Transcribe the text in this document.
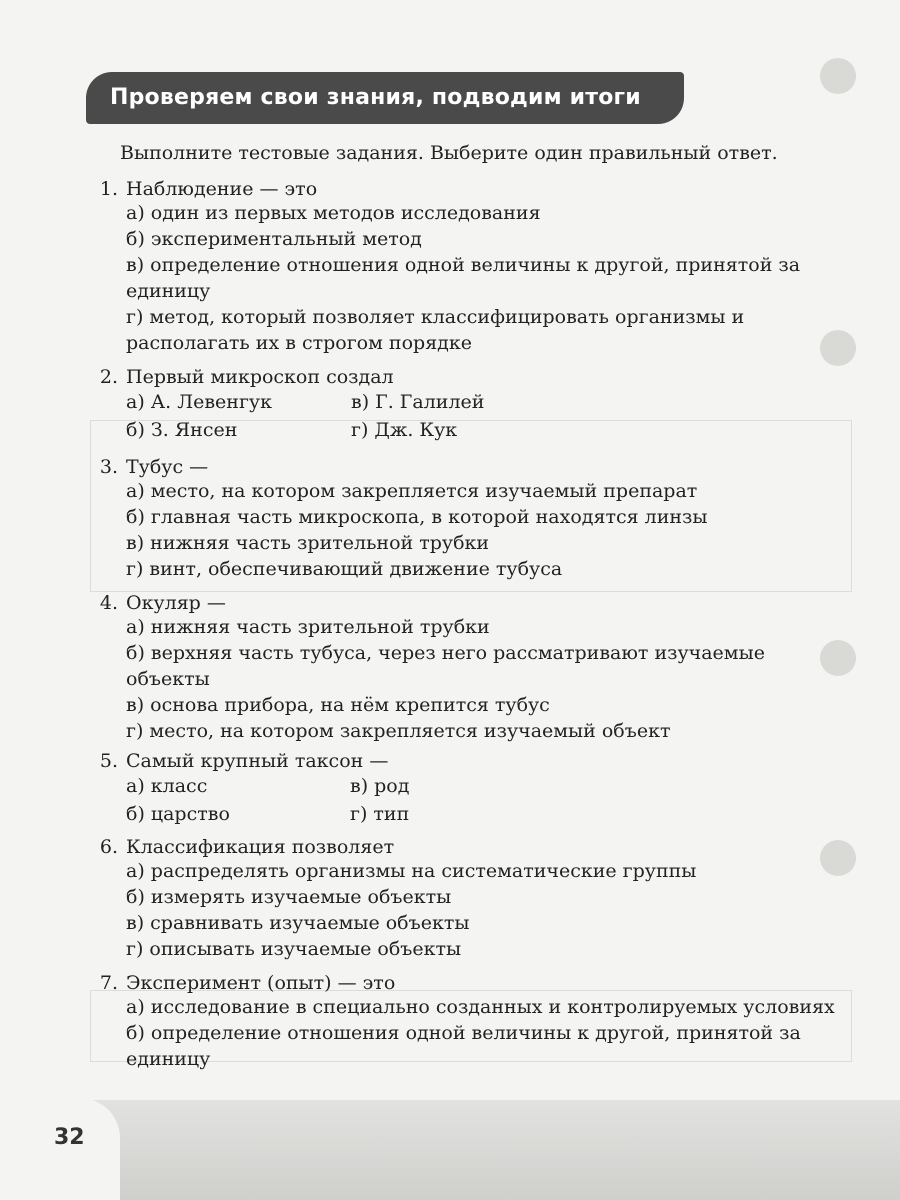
Проверяем свои знания, подводим итоги
Выполните тестовые задания. Выберите один правильный ответ.
1. Наблюдение — это
а) один из первых методов исследования
б) экспериментальный метод
в) определение отношения одной величины к другой, принятой за единицу
г) метод, который позволяет классифицировать организмы и располагать их в строгом порядке
2. Первый микроскоп создал
а) А. Левенгук	в) Г. Галилей
б) З. Янсен	г) Дж. Кук
3. Тубус —
а) место, на котором закрепляется изучаемый препарат
б) главная часть микроскопа, в которой находятся линзы
в) нижняя часть зрительной трубки
г) винт, обеспечивающий движение тубуса
4. Окуляр —
а) нижняя часть зрительной трубки
б) верхняя часть тубуса, через него рассматривают изучаемые объекты
в) основа прибора, на нём крепится тубус
г) место, на котором закрепляется изучаемый объект
5. Самый крупный таксон —
а) класс	в) род
б) царство	г) тип
6. Классификация позволяет
а) распределять организмы на систематические группы
б) измерять изучаемые объекты
в) сравнивать изучаемые объекты
г) описывать изучаемые объекты
7. Эксперимент (опыт) — это
а) исследование в специально созданных и контролируемых условиях
б) определение отношения одной величины к другой, принятой за единицу
32
